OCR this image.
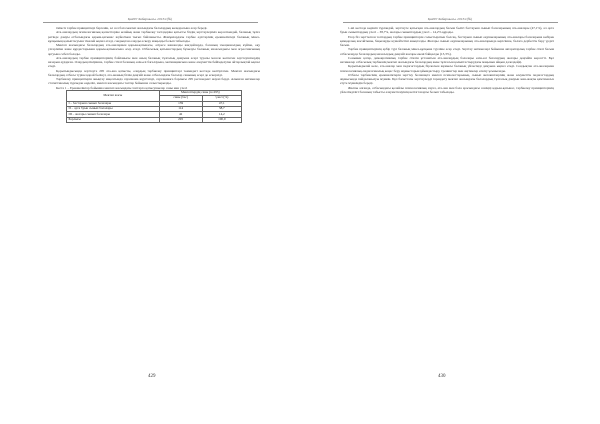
ҚазҰУ Хабаршысы. 2013/1(№)

тиімсіз тәрбие принциптері бергенін, ал сол баға мектеп жасындағы балалардың көзқарасына әсер береді.

Ата-аналардың психологиялық қасиеттеріне ылайық және тәрбиелеу тәсілдеріне қатысты біздің зерттеулеріміз көрсеткендей, баланың тұлға ретінде дамуы отбасындағы қарым-қатынас жүйесімен тығыз байланысты. Жанұялардағы тәрбие әдістерінің ерекшеліктері баланың мінез-құлқының қалыптасуына тікелей ықпал етеді, сондықтан оларды ескеру маңызды болып табылады.

Мектеп жасындағы балалардың ата-аналармен қарым-қатынасы, әсіресе жанжалды жағдайларда, баланың эмоционалдық күйіне, оқу үлгеріміне және құрдастарымен қарым-қатынасына әсер етеді. Отбасылық қатынастардың бұзылуы баланың мазасыздығы мен агрессиясының артуына себеп болады.

Ата-аналардың тәрбие принциптерінің байланысы мен оның баланың тұлғалық дамуына әсері туралы мәселе көптеген зерттеушілердің назарын аударған. Олардың пікірінше, тәрбие стилі баланың өзін-өзі бағалауына, мотивациясына және әлеуметтік бейімделуіне айтарлықтай ықпал етеді.

Қорытындысында зерттеуге 295 ата-ана қатысты, олардың тәрбиелеу принциптері төмендегі кестеде келтірілген. Мектеп жасындағы балалардың отбасы түріне қарай бөлінуі, ата-ананың білім деңгейі және отбасындағы балалар санының әсері де ескерілді.

Тәрбиелеу принциптерін анықтау мақсатында сауалнама жүргізілді, сауалнамаға барлығы 295 респондент жауап берді. Алынған нәтижелер статистикалық тұрғыдан өңделіп, мектеп жасындағы топтар бойынша салыстырылды.

Кесте 1 – Ерекшеліктер бойынша мектеп жасындағы топтарға қатысушылар саны мен үлесі

Мектеп жасы	Мектептердің саны (n=295)	
	саны (бас)	үлесі (%)
І – бастауыш сынып балалары	139	47,1
ІІ – орта буын сынып балалары	114	38,7
ІІІ – жоғары сынып балалары	42	14,2
Барлығы	295	100,0
429
ҚазҰУ Хабаршысы. 2013/1(№)

1-ші кестеде көрініп тұрғандай, зерттеуге қатысқан ата-аналардың басым бөлігі бастауыш сынып балаларының ата-аналары (47,1%), ал орта буын сыныптардың үлесі – 38,7%, жоғары сыныптардың үлесі – 14,2% құрады.

Егер біз зерттелген топтардың тәрбие принциптерін салыстыратын болсақ, бастауыш сынып оқушыларының ата-аналары балаларына көбірек қамқорлық жасайтыны, бақылауды күшейтетіні анықталды. Жоғары сынып оқушыларының ата-аналарында керісінше, балаға дербестік беру үрдісі басым.

Тәрбие принциптерінің әрбір түрі баланың мінез-құлқына түрліше әсер етеді. Зерттеу нәтижелері бойынша авторитарлық тәрбие стилі басым отбасыларда балалардың мазасыздық деңгейі жоғары екені байқалды (13,3%).

Сонымен қатар, демократиялық тәрбие стилін ұстанатын ата-аналардың балалары өзін-өзі бағалаудың жоғары деңгейін көрсетті. Бұл нәтижелер отбасылық тәрбиенің мектеп жасындағы балалардың жеке тұлғасын қалыптастырудағы маңызын айқын дәлелдейді.

Қорытындылай келе, ата-аналар мен педагогтардың бірлескен жұмысы баланың үйлесімді дамуына ықпал етеді. Сондықтан ата-аналармен психологиялық-педагогикалық кеңес беру жұмыстарын ұйымдастыру, тренингтер мен әңгімелер өткізу ұсынылады.

Отбасы тәрбиесінің ерекшеліктерін зерттеу болашақта мектеп психологтарының, сынып жетекшілерінің және әлеуметтік педагогтардың жұмысында пайдаланылуы мүмкін. Бұл бағыттағы зерттеулерді тереңдету мектеп жасындағы балалардың тұлғалық дамуын жан-жақты қамтамасыз етуге мүмкіндік береді.

Жалпы алғанда, отбасындағы қолайлы психологиялық ахуал, ата-ана мен бала арасындағы сенімді қарым-қатынас, тәрбиелеу принциптерінің үйлесімділігі баланың табысты әлеуметтенуінің негізгі шарты болып табылады.

430
